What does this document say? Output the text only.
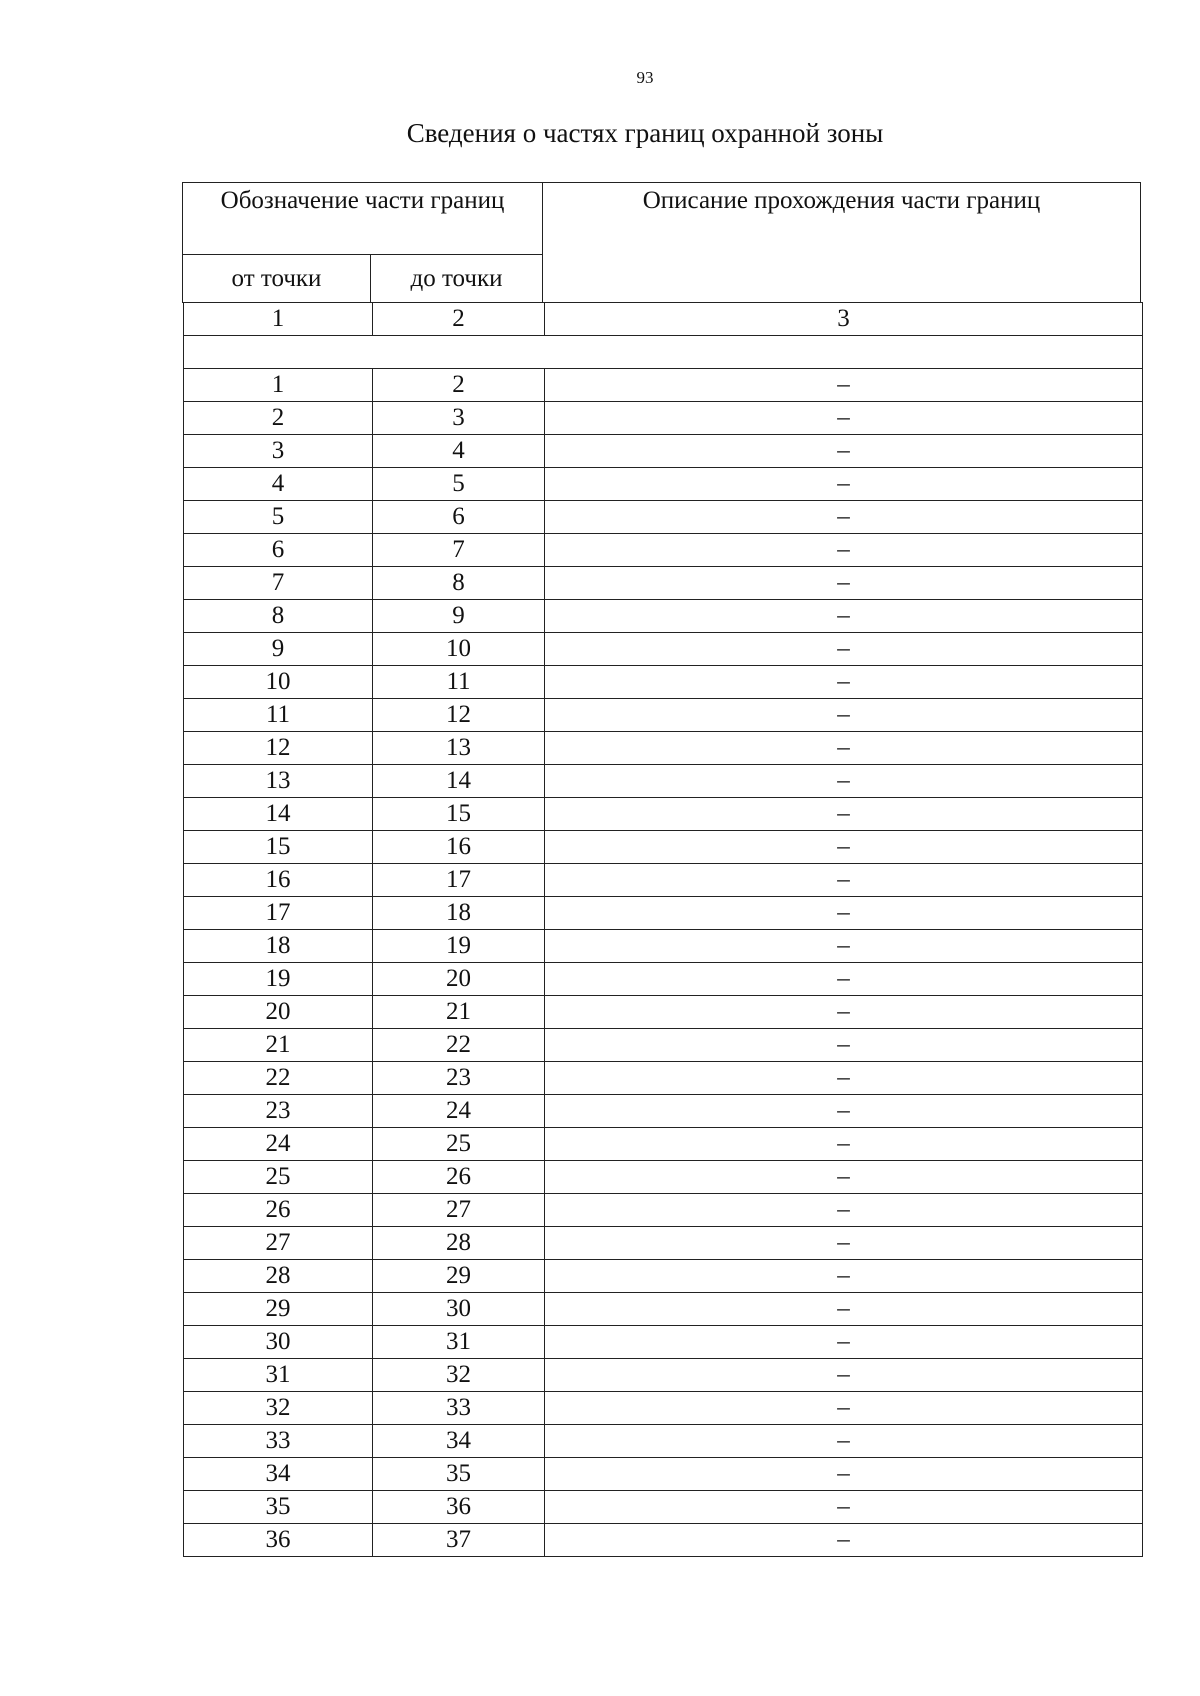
93
Сведения о частях границ охранной зоны
Обозначение части границ		Описание прохождения части границ
от точки	до точки	
1	2	3

1	2	–
2	3	–
3	4	–
4	5	–
5	6	–
6	7	–
7	8	–
8	9	–
9	10	–
10	11	–
11	12	–
12	13	–
13	14	–
14	15	–
15	16	–
16	17	–
17	18	–
18	19	–
19	20	–
20	21	–
21	22	–
22	23	–
23	24	–
24	25	–
25	26	–
26	27	–
27	28	–
28	29	–
29	30	–
30	31	–
31	32	–
32	33	–
33	34	–
34	35	–
35	36	–
36	37	–
